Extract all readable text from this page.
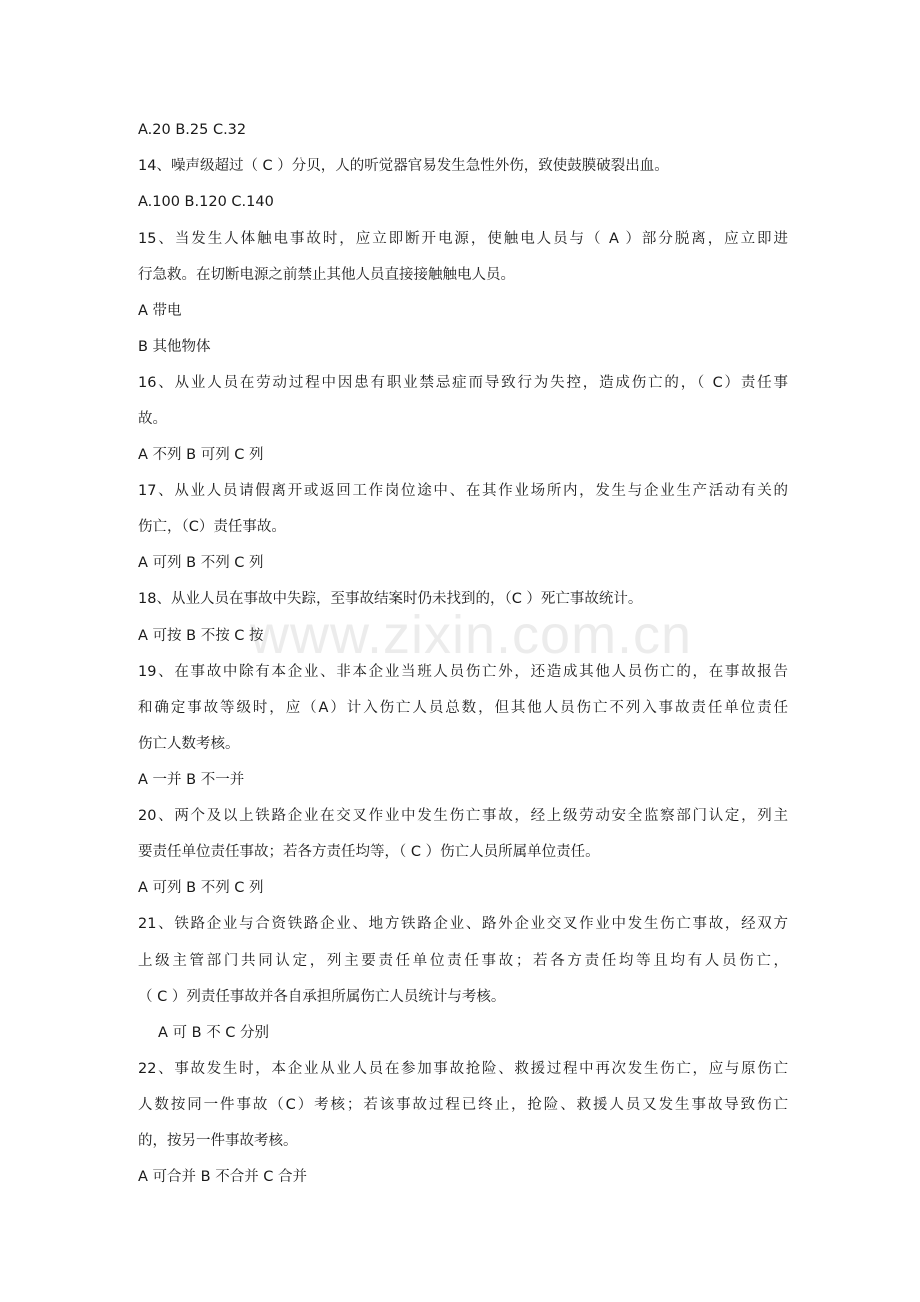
www.zixin.com.cn
A.20 B.25 C.32
14、噪声级超过（ C ）分贝，人的听觉器官易发生急性外伤，致使鼓膜破裂出血。
A.100 B.120 C.140
15、当发生人体触电事故时，应立即断开电源，使触电人员与（ A ）部分脱离，应立即进
行急救。在切断电源之前禁止其他人员直接接触触电人员。
A 带电
B 其他物体
16、从业人员在劳动过程中因患有职业禁忌症而导致行为失控，造成伤亡的，（ C）责任事
故。
A 不列 B 可列 C 列
17、从业人员请假离开或返回工作岗位途中、在其作业场所内，发生与企业生产活动有关的
伤亡，（C）责任事故。
A 可列 B 不列 C 列
18、从业人员在事故中失踪，至事故结案时仍未找到的，（C ）死亡事故统计。
A 可按 B 不按 C 按
19、在事故中除有本企业、非本企业当班人员伤亡外，还造成其他人员伤亡的，在事故报告
和确定事故等级时，应（A）计入伤亡人员总数，但其他人员伤亡不列入事故责任单位责任
伤亡人数考核。
A 一并 B 不一并
20、两个及以上铁路企业在交叉作业中发生伤亡事故，经上级劳动安全监察部门认定，列主
要责任单位责任事故；若各方责任均等，（ C ）伤亡人员所属单位责任。
A 可列 B 不列 C 列
21、铁路企业与合资铁路企业、地方铁路企业、路外企业交叉作业中发生伤亡事故，经双方
上级主管部门共同认定，列主要责任单位责任事故；若各方责任均等且均有人员伤亡，
（ C ）列责任事故并各自承担所属伤亡人员统计与考核。
A 可 B 不 C 分别
22、事故发生时，本企业从业人员在参加事故抢险、救援过程中再次发生伤亡，应与原伤亡
人数按同一件事故（C）考核；若该事故过程已终止，抢险、救援人员又发生事故导致伤亡
的，按另一件事故考核。
A 可合并 B 不合并 C 合并
